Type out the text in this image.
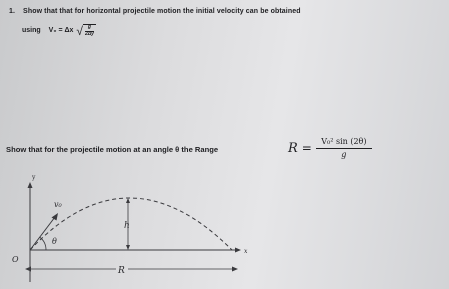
1. Show that that for horizontal projectile motion the initial velocity can be obtained
using V₀ = Δx √ $\frac{g}{2\Delta y}$
Show that for the projectile motion at an angle θ the Range	R = V₀² sin (2θ)
g
y
x
O
v₀
θ
h
R
